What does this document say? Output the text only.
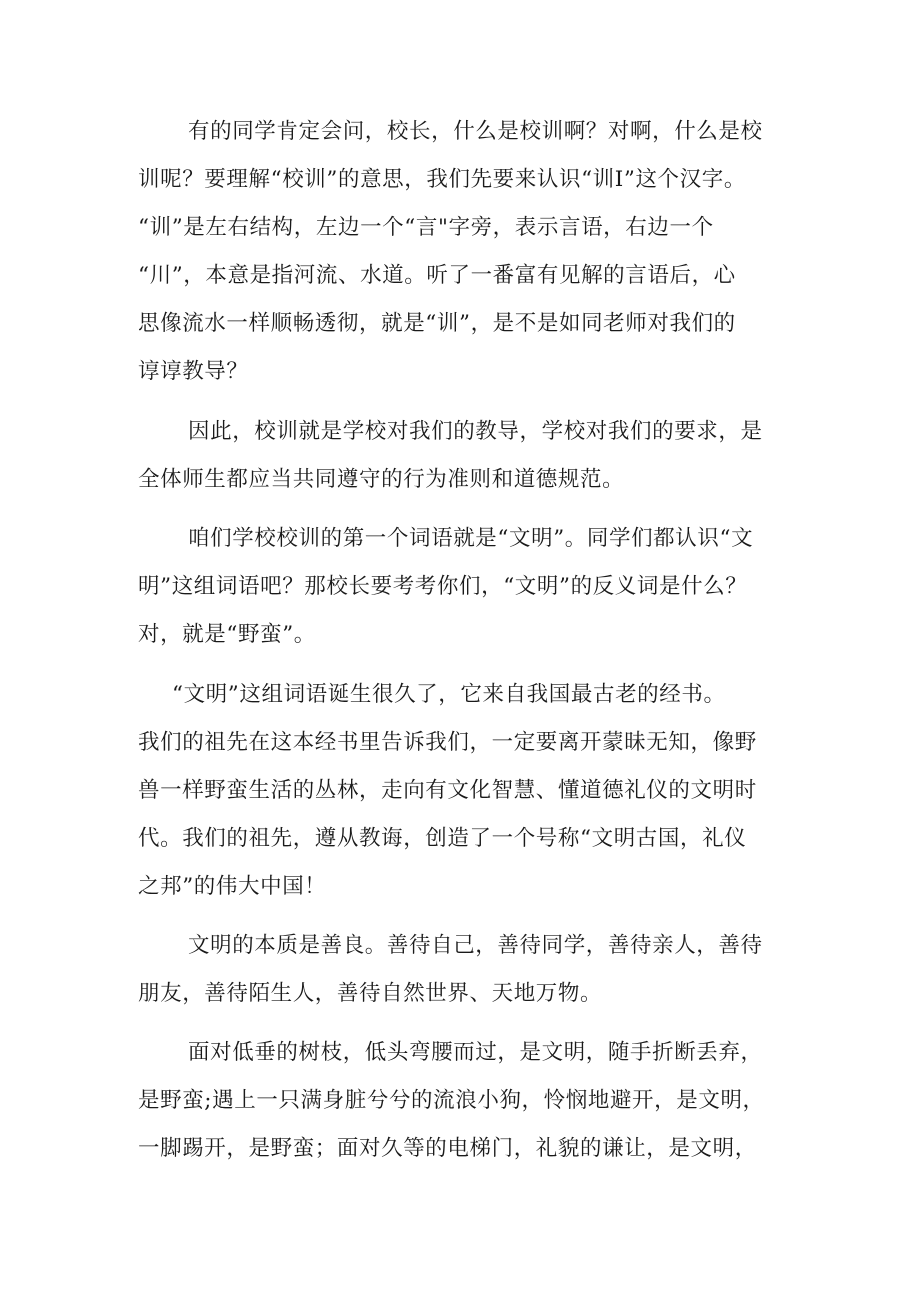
有的同学肯定会问，校长，什么是校训啊？对啊，什么是校
训呢？要理解“校训”的意思，我们先要来认识“训I”这个汉字。
“训”是左右结构，左边一个“言"字旁，表示言语，右边一个
“川”，本意是指河流、水道。听了一番富有见解的言语后，心
思像流水一样顺畅透彻，就是“训”，是不是如同老师对我们的
谆谆教导？
因此，校训就是学校对我们的教导，学校对我们的要求，是
全体师生都应当共同遵守的行为准则和道德规范。
咱们学校校训的第一个词语就是“文明”。同学们都认识“文
明”这组词语吧？那校长要考考你们，“文明”的反义词是什么？
对，就是“野蛮”。
“文明”这组词语诞生很久了，它来自我国最古老的经书。
我们的祖先在这本经书里告诉我们，一定要离开蒙昧无知，像野
兽一样野蛮生活的丛林，走向有文化智慧、懂道德礼仪的文明时
代。我们的祖先，遵从教诲，创造了一个号称“文明古国，礼仪
之邦”的伟大中国！
文明的本质是善良。善待自己，善待同学，善待亲人，善待
朋友，善待陌生人，善待自然世界、天地万物。
面对低垂的树枝，低头弯腰而过，是文明，随手折断丢弃，
是野蛮;遇上一只满身脏兮兮的流浪小狗，怜悯地避开，是文明，
一脚踢开，是野蛮；面对久等的电梯门，礼貌的谦让，是文明，
